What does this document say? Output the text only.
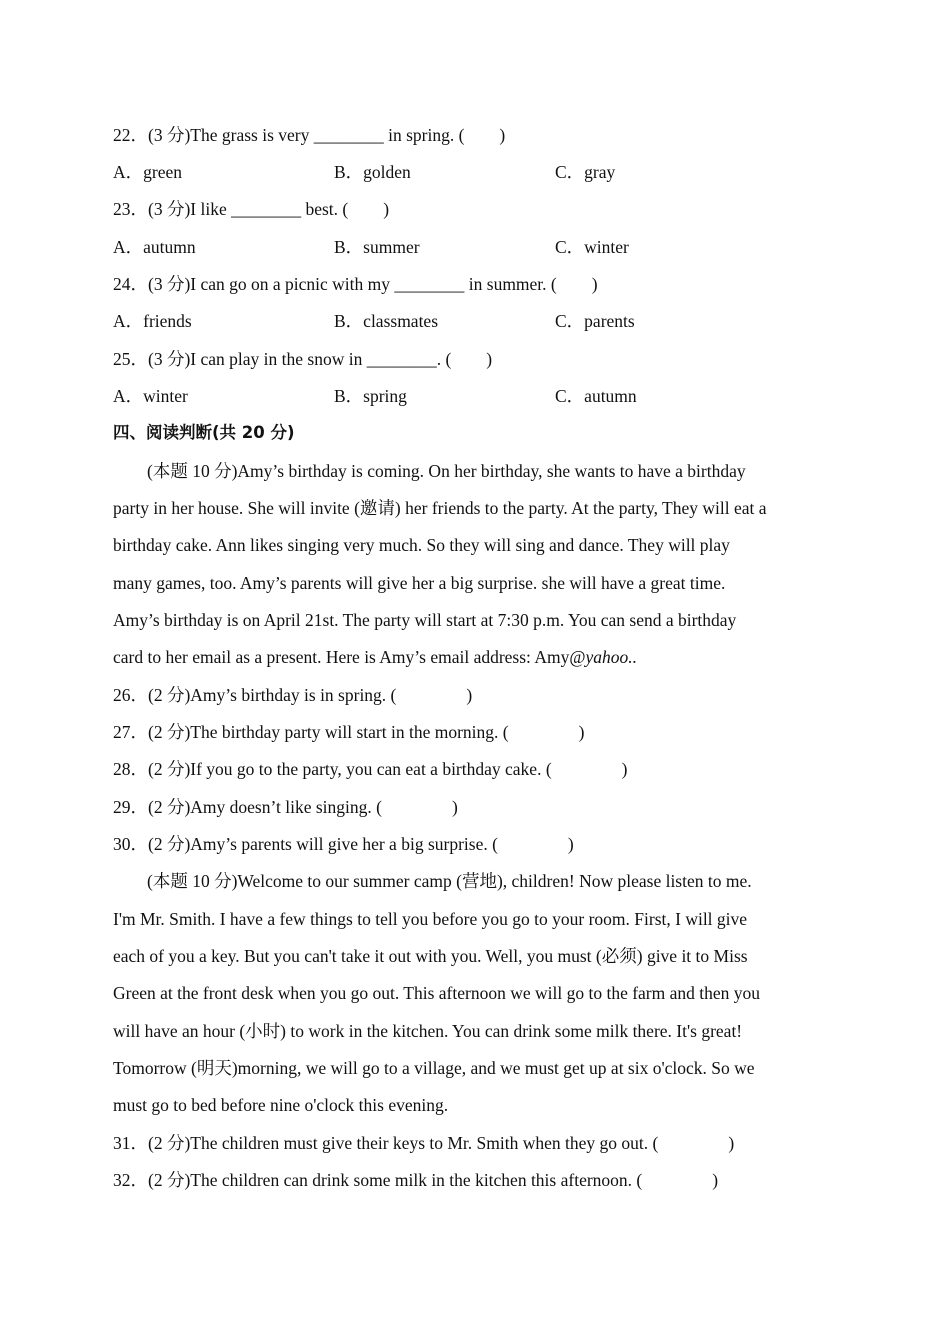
22．(3 分)The grass is very ________ in spring. (　　)
A．green	B．golden	C．gray
23．(3 分)I like ________ best. (　　)
A．autumn	B．summer	C．winter
24．(3 分)I can go on a picnic with my ________ in summer. (　　)
A．friends	B．classmates	C．parents
25．(3 分)I can play in the snow in ________. (　　)
A．winter	B．spring	C．autumn
四、阅读判断(共 20 分)
(本题 10 分)Amy’s birthday is coming. On her birthday, she wants to have a birthday
party in her house. She will invite (邀请) her friends to the party. At the party, They will eat a
birthday cake. Ann likes singing very much. So they will sing and dance. They will play
many games, too. Amy’s parents will give her a big surprise. she will have a great time.
Amy’s birthday is on April 21st. The party will start at 7:30 p.m. You can send a birthday
card to her email as a present. Here is Amy’s email address: Amy@yahoo..
26．(2 分)Amy’s birthday is in spring. (　　　　)
27．(2 分)The birthday party will start in the morning. (　　　　)
28．(2 分)If you go to the party, you can eat a birthday cake. (　　　　)
29．(2 分)Amy doesn’t like singing. (　　　　)
30．(2 分)Amy’s parents will give her a big surprise. (　　　　)
(本题 10 分)Welcome to our summer camp (营地), children! Now please listen to me.
I'm Mr. Smith. I have a few things to tell you before you go to your room. First, I will give
each of you a key. But you can't take it out with you. Well, you must (必须) give it to Miss
Green at the front desk when you go out. This afternoon we will go to the farm and then you
will have an hour (小时) to work in the kitchen. You can drink some milk there. It's great!
Tomorrow (明天)morning, we will go to a village, and we must get up at six o'clock. So we
must go to bed before nine o'clock this evening.
31．(2 分)The children must give their keys to Mr. Smith when they go out. (　　　　)
32．(2 分)The children can drink some milk in the kitchen this afternoon. (　　　　)
